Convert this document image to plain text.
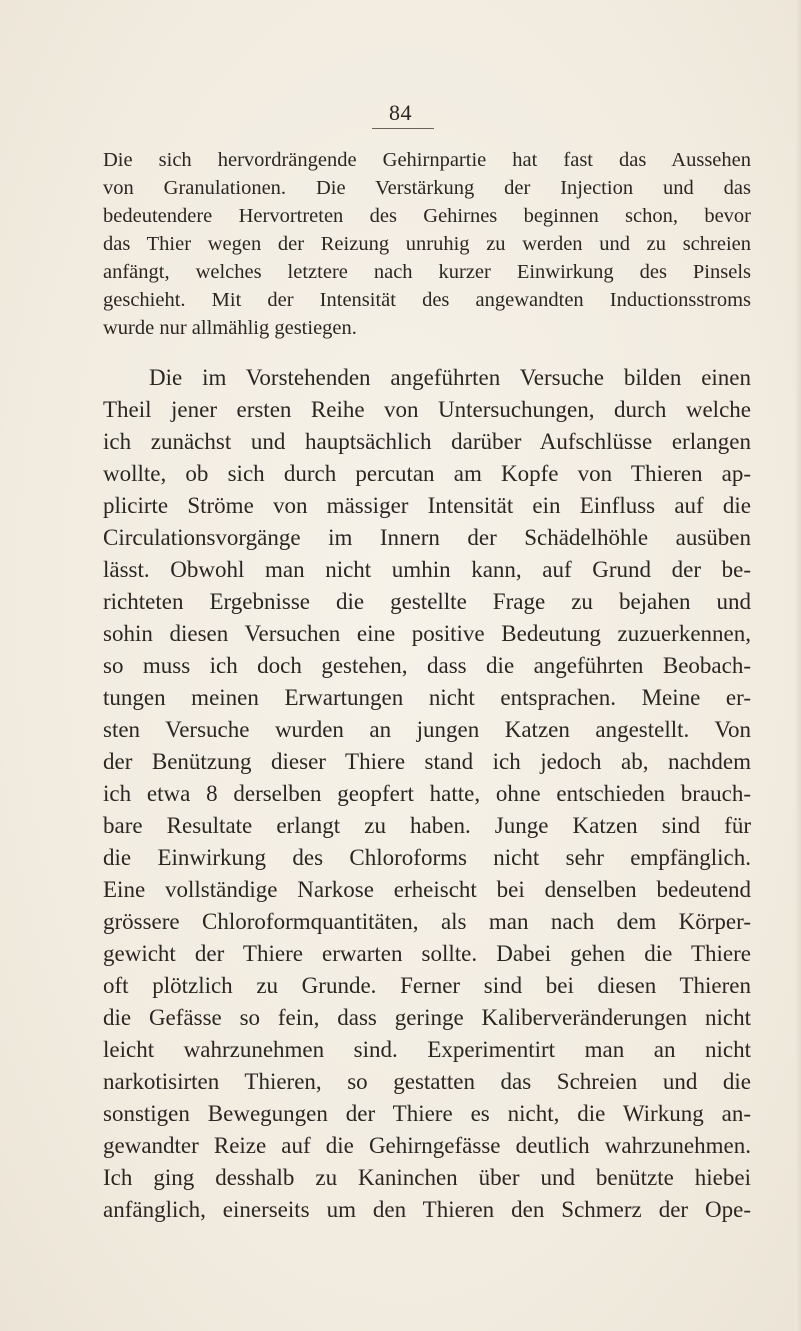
84
Die sich hervordrängende Gehirnpartie hat fast das Aussehen
von Granulationen. Die Verstärkung der Injection und das
bedeutendere Hervortreten des Gehirnes beginnen schon, bevor
das Thier wegen der Reizung unruhig zu werden und zu schreien
anfängt, welches letztere nach kurzer Einwirkung des Pinsels
geschieht. Mit der Intensität des angewandten Inductionsstroms
wurde nur allmählig gestiegen.
Die im Vorstehenden angeführten Versuche bilden einen
Theil jener ersten Reihe von Untersuchungen, durch welche
ich zunächst und hauptsächlich darüber Aufschlüsse erlangen
wollte, ob sich durch percutan am Kopfe von Thieren ap-
plicirte Ströme von mässiger Intensität ein Einfluss auf die
Circulationsvorgänge im Innern der Schädelhöhle ausüben
lässt. Obwohl man nicht umhin kann, auf Grund der be-
richteten Ergebnisse die gestellte Frage zu bejahen und
sohin diesen Versuchen eine positive Bedeutung zuzuerkennen,
so muss ich doch gestehen, dass die angeführten Beobach-
tungen meinen Erwartungen nicht entsprachen. Meine er-
sten Versuche wurden an jungen Katzen angestellt. Von
der Benützung dieser Thiere stand ich jedoch ab, nachdem
ich etwa 8 derselben geopfert hatte, ohne entschieden brauch-
bare Resultate erlangt zu haben. Junge Katzen sind für
die Einwirkung des Chloroforms nicht sehr empfänglich.
Eine vollständige Narkose erheischt bei denselben bedeutend
grössere Chloroformquantitäten, als man nach dem Körper-
gewicht der Thiere erwarten sollte. Dabei gehen die Thiere
oft plötzlich zu Grunde. Ferner sind bei diesen Thieren
die Gefässe so fein, dass geringe Kaliberveränderungen nicht
leicht wahrzunehmen sind. Experimentirt man an nicht
narkotisirten Thieren, so gestatten das Schreien und die
sonstigen Bewegungen der Thiere es nicht, die Wirkung an-
gewandter Reize auf die Gehirngefässe deutlich wahrzunehmen.
Ich ging desshalb zu Kaninchen über und benützte hiebei
anfänglich, einerseits um den Thieren den Schmerz der Ope-
